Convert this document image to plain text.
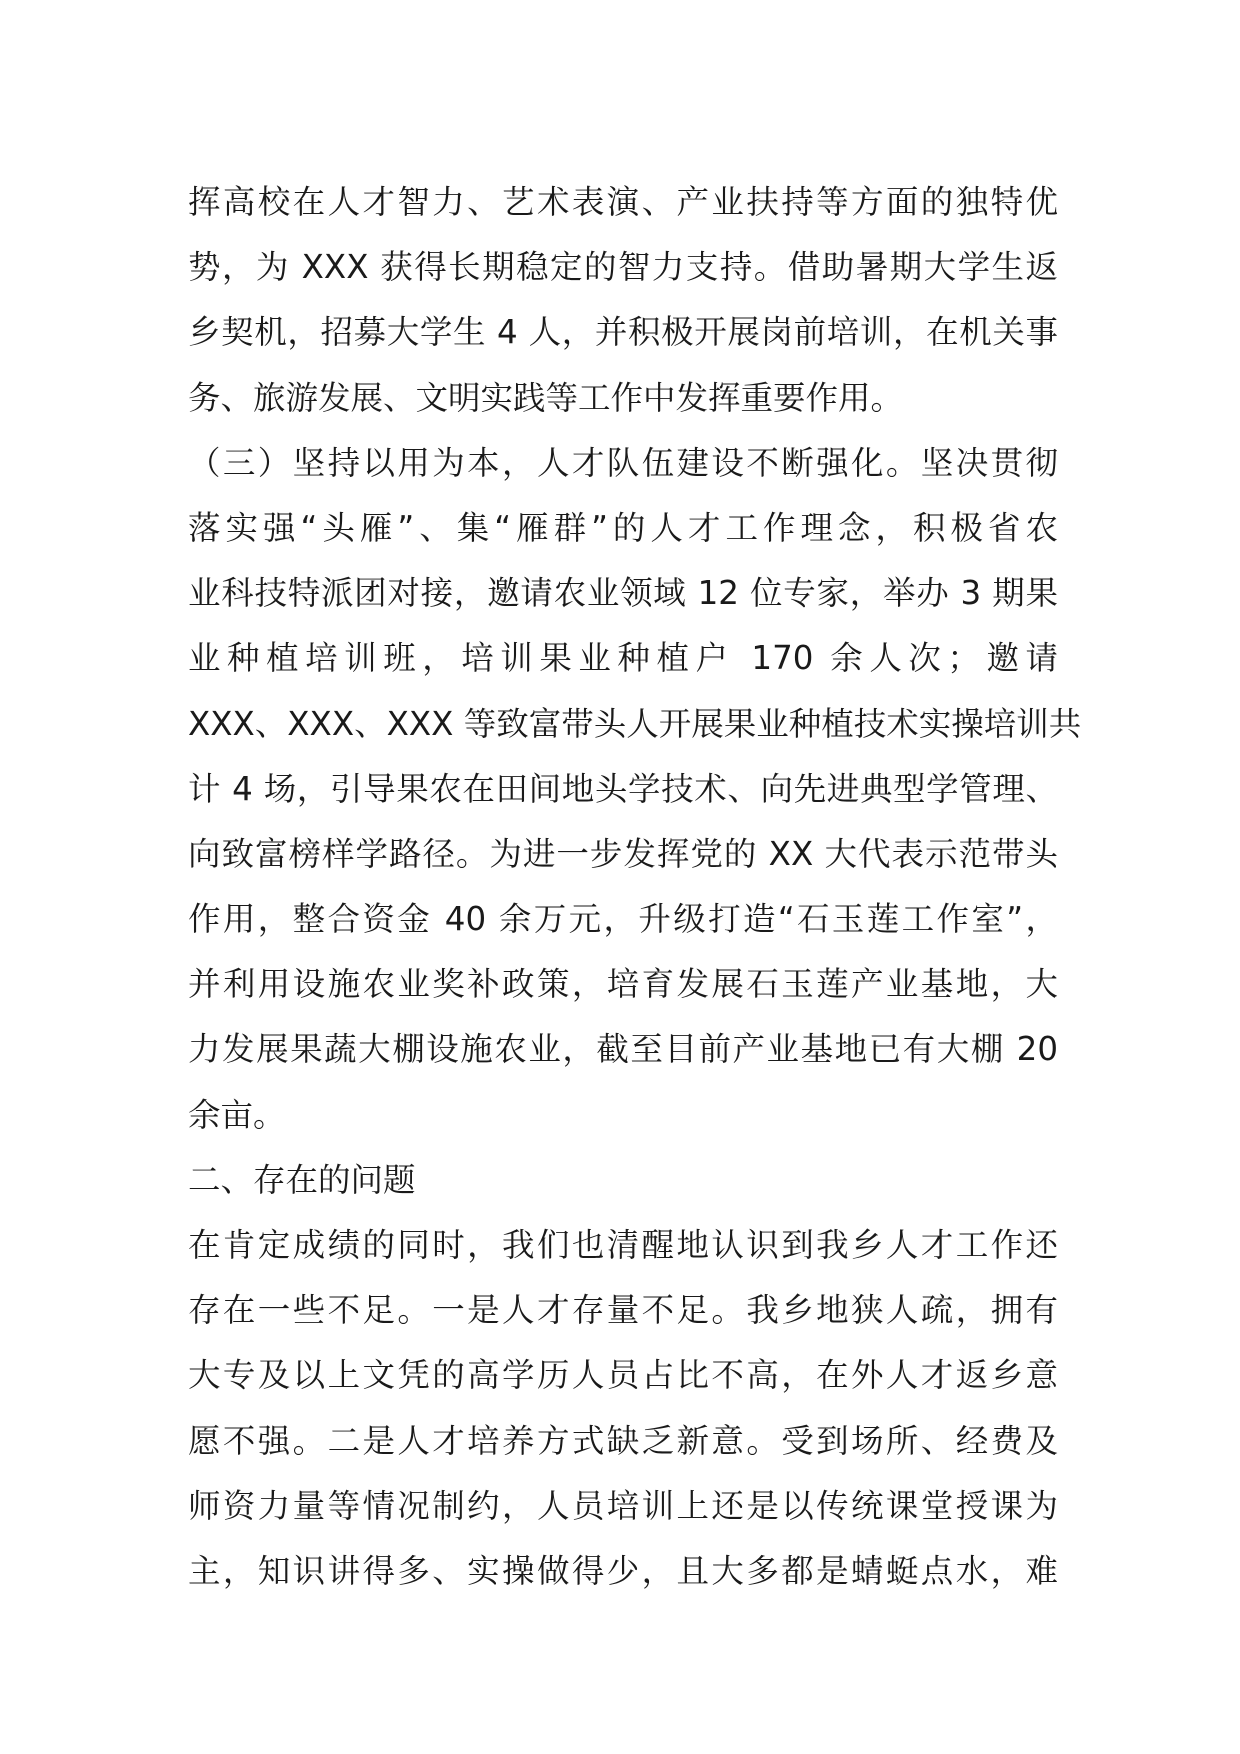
挥高校在人才智力、艺术表演、产业扶持等方面的独特优
势，为 XXX 获得长期稳定的智力支持。借助暑期大学生返
乡契机，招募大学生 4 人，并积极开展岗前培训，在机关事
务、旅游发展、文明实践等工作中发挥重要作用。
（三）坚持以用为本，人才队伍建设不断强化。坚决贯彻
落实强“头雁”、集“雁群”的人才工作理念，积极省农
业科技特派团对接，邀请农业领域 12 位专家，举办 3 期果
业种植培训班，培训果业种植户 170 余人次；邀请
XXX、XXX、XXX 等致富带头人开展果业种植技术实操培训共
计 4 场，引导果农在田间地头学技术、向先进典型学管理、
向致富榜样学路径。为进一步发挥党的 XX 大代表示范带头
作用，整合资金 40 余万元，升级打造“石玉莲工作室”，
并利用设施农业奖补政策，培育发展石玉莲产业基地，大
力发展果蔬大棚设施农业，截至目前产业基地已有大棚 20
余亩。
二、存在的问题
在肯定成绩的同时，我们也清醒地认识到我乡人才工作还
存在一些不足。一是人才存量不足。我乡地狭人疏，拥有
大专及以上文凭的高学历人员占比不高，在外人才返乡意
愿不强。二是人才培养方式缺乏新意。受到场所、经费及
师资力量等情况制约，人员培训上还是以传统课堂授课为
主，知识讲得多、实操做得少，且大多都是蜻蜓点水，难
